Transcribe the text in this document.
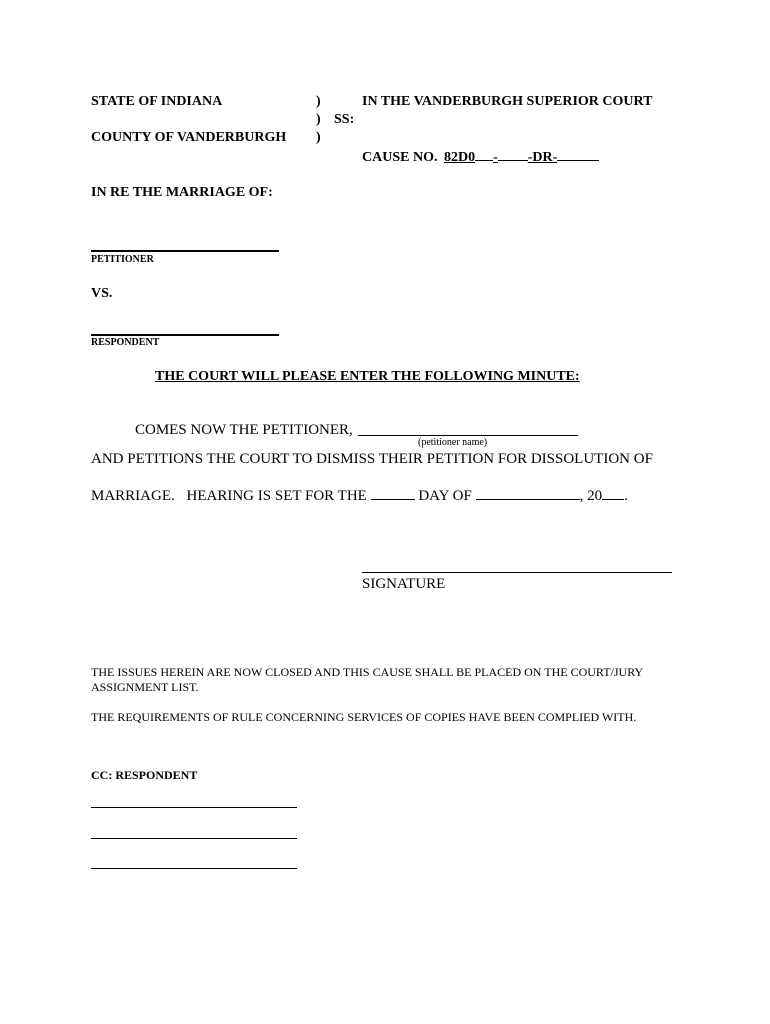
STATE OF INDIANA	)	IN THE VANDERBURGH SUPERIOR COURT
) SS:
COUNTY OF VANDERBURGH )
CAUSE NO. 82D0 - -DR-
IN RE THE MARRIAGE OF:
PETITIONER
VS.
RESPONDENT
THE COURT WILL PLEASE ENTER THE FOLLOWING MINUTE:
COMES NOW THE PETITIONER,
(petitioner name)
AND PETITIONS THE COURT TO DISMISS THEIR PETITION FOR DISSOLUTION OF
MARRIAGE. HEARING IS SET FOR THE	DAY OF	, 20 .
SIGNATURE
THE ISSUES HEREIN ARE NOW CLOSED AND THIS CAUSE SHALL BE PLACED ON THE COURT/JURY
ASSIGNMENT LIST.
THE REQUIREMENTS OF RULE CONCERNING SERVICES OF COPIES HAVE BEEN COMPLIED WITH.
CC: RESPONDENT
